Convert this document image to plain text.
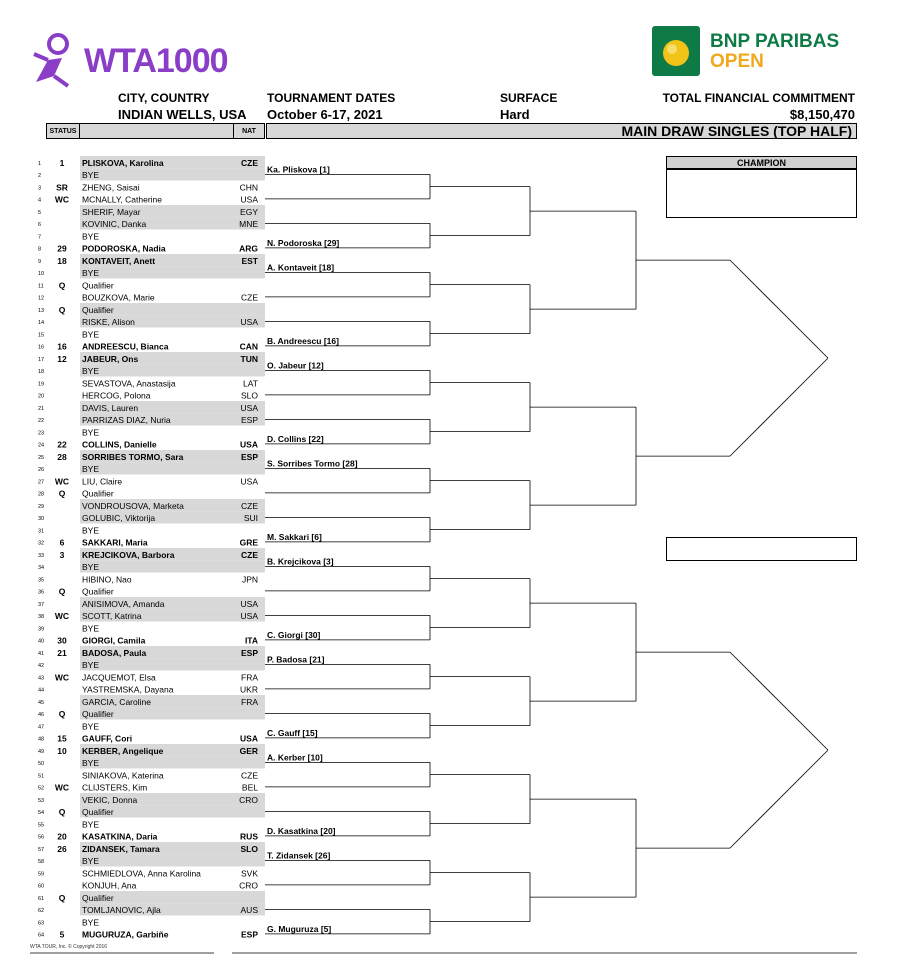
WTA1000	BNP PARIBAS
OPEN
CITY, COUNTRY
INDIAN WELLS, USA
TOURNAMENT DATES
October 6-17, 2021
SURFACE
Hard
TOTAL FINANCIAL COMMITMENT
$8,150,470
STATUS	NAT	MAIN DRAW SINGLES (TOP HALF)
CHAMPION
1 1 PLISKOVA, Karolina	CZE
2	BYE
3 SR ZHENG, Saisai	CHN
4 WC MCNALLY, Catherine	USA
5	SHERIF, Mayar	EGY
6	KOVINIC, Danka	MNE
7	BYE
8 29 PODOROSKA, Nadia	ARG
9 18 KONTAVEIT, Anett	EST
10	BYE
11 Q Qualifier
12	BOUZKOVA, Marie	CZE
13 Q Qualifier
14	RISKE, Alison	USA
15	BYE
16 16 ANDREESCU, Bianca	CAN
17 12 JABEUR, Ons	TUN
18	BYE
19	SEVASTOVA, Anastasija	LAT
20	HERCOG, Polona	SLO
21	DAVIS, Lauren	USA
22	PARRIZAS DIAZ, Nuria	ESP
23	BYE
24 22 COLLINS, Danielle	USA
25 28 SORRIBES TORMO, Sara	ESP
26	BYE
27 WC LIU, Claire	USA
28 Q Qualifier
29	VONDROUSOVA, Marketa	CZE
30	GOLUBIC, Viktorija	SUI
31	BYE
32 6 SAKKARI, Maria	GRE
33 3 KREJCIKOVA, Barbora	CZE
34	BYE
35	HIBINO, Nao	JPN
36 Q Qualifier
37	ANISIMOVA, Amanda	USA
38 WC SCOTT, Katrina	USA
39	BYE
40 30 GIORGI, Camila	ITA
41 21 BADOSA, Paula	ESP
42	BYE
43 WC JACQUEMOT, Elsa	FRA
44	YASTREMSKA, Dayana	UKR
45	GARCIA, Caroline	FRA
46 Q Qualifier
47	BYE
48 15 GAUFF, Cori	USA
49 10 KERBER, Angelique	GER
50	BYE
51	SINIAKOVA, Katerina	CZE
52 WC CLIJSTERS, Kim	BEL
53	VEKIC, Donna	CRO
54 Q Qualifier
55	BYE
56 20 KASATKINA, Daria	RUS
57 26 ZIDANSEK, Tamara	SLO
58	BYE
59	SCHMIEDLOVA, Anna Karolina	SVK
60	KONJUH, Ana	CRO
61 Q Qualifier
62	TOMLJANOVIC, Ajla	AUS
63	BYE
64 5 MUGURUZA, Garbiñe	ESP
Ka. Pliskova [1]
N. Podoroska [29]
A. Kontaveit [18]
B. Andreescu [16]
O. Jabeur [12]
D. Collins [22]
S. Sorribes Tormo [28]
M. Sakkari [6]
B. Krejcikova [3]
C. Giorgi [30]
P. Badosa [21]
C. Gauff [15]
A. Kerber [10]
D. Kasatkina [20]
T. Zidansek [26]
G. Muguruza [5]
WTA TOUR, Inc. © Copyright 2016
